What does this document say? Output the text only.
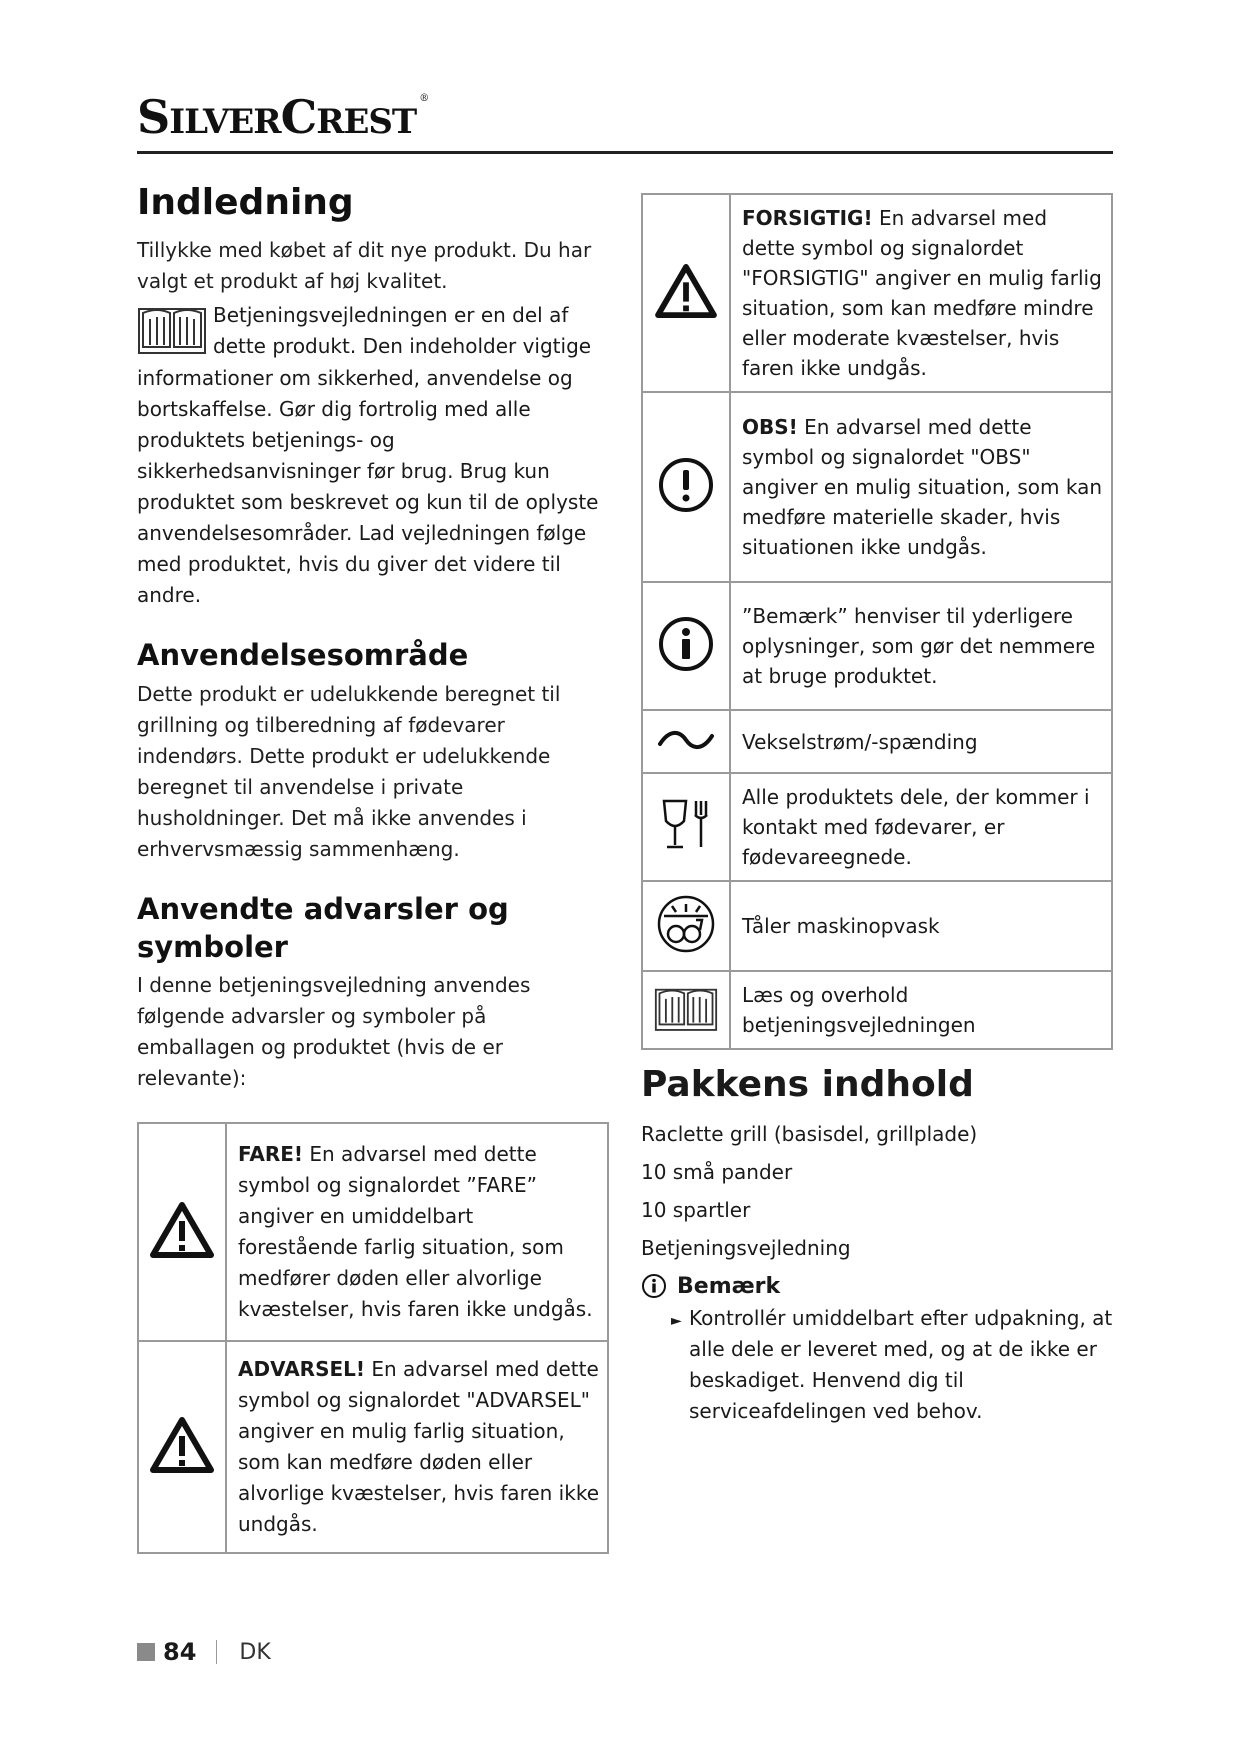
SILVERCREST®
Indledning

Tillykke med købet af dit nye produkt. Du har valgt et produkt af høj kvalitet.

Betjeningsvejledningen er en del af dette produkt. Den indeholder vigtige

informationer om sikkerhed, anvendelse og bortskaffelse. Gør dig fortrolig med alle produktets betjenings- og sikkerhedsanvisninger før brug. Brug kun produktet som beskrevet og kun til de oplyste anvendelsesområder. Lad vejledningen følge med produktet, hvis du giver det videre til andre.

Anvendelsesområde

Dette produkt er udelukkende beregnet til grillning og tilberedning af fødevarer indendørs. Dette produkt er udelukkende beregnet til anvendelse i private husholdninger. Det må ikke anvendes i erhvervsmæssig sammenhæng.

Anvendte advarsler og symboler

I denne betjeningsvejledning anvendes følgende advarsler og symboler på emballagen og produktet (hvis de er relevante):

	FARE! En advarsel med dette symbol og signalordet ”FARE” angiver en umiddelbart forestående farlig situation, som medfører døden eller alvorlige kvæstelser, hvis faren ikke undgås.
	ADVARSEL! En advarsel med dette symbol og signalordet "ADVARSEL" angiver en mulig farlig situation, som kan medføre døden eller alvorlige kvæstelser, hvis faren ikke undgås.
	FORSIGTIG! En advarsel med dette symbol og signalordet "FORSIGTIG" angiver en mulig farlig situation, som kan medføre mindre eller moderate kvæstelser, hvis faren ikke undgås.
	OBS! En advarsel med dette symbol og signalordet "OBS" angiver en mulig situation, som kan medføre materielle skader, hvis situationen ikke undgås.
	”Bemærk” henviser til yderligere oplysninger, som gør det nemmere at bruge produktet.
	Vekselstrøm/-spænding
	Alle produktets dele, der kommer i kontakt med fødevarer, er fødevareegnede.
	Tåler maskinopvask
	Læs og overhold betjeningsvejledningen
Pakkens indhold
Raclette grill (basisdel, grillplade)
10 små pander
10 spartler
Betjeningsvejledning
Bemærk
► Kontrollér umiddelbart efter udpakning, at alle dele er leveret med, og at de ikke er beskadiget. Henvend dig til serviceafdelingen ved behov.
84 DK
